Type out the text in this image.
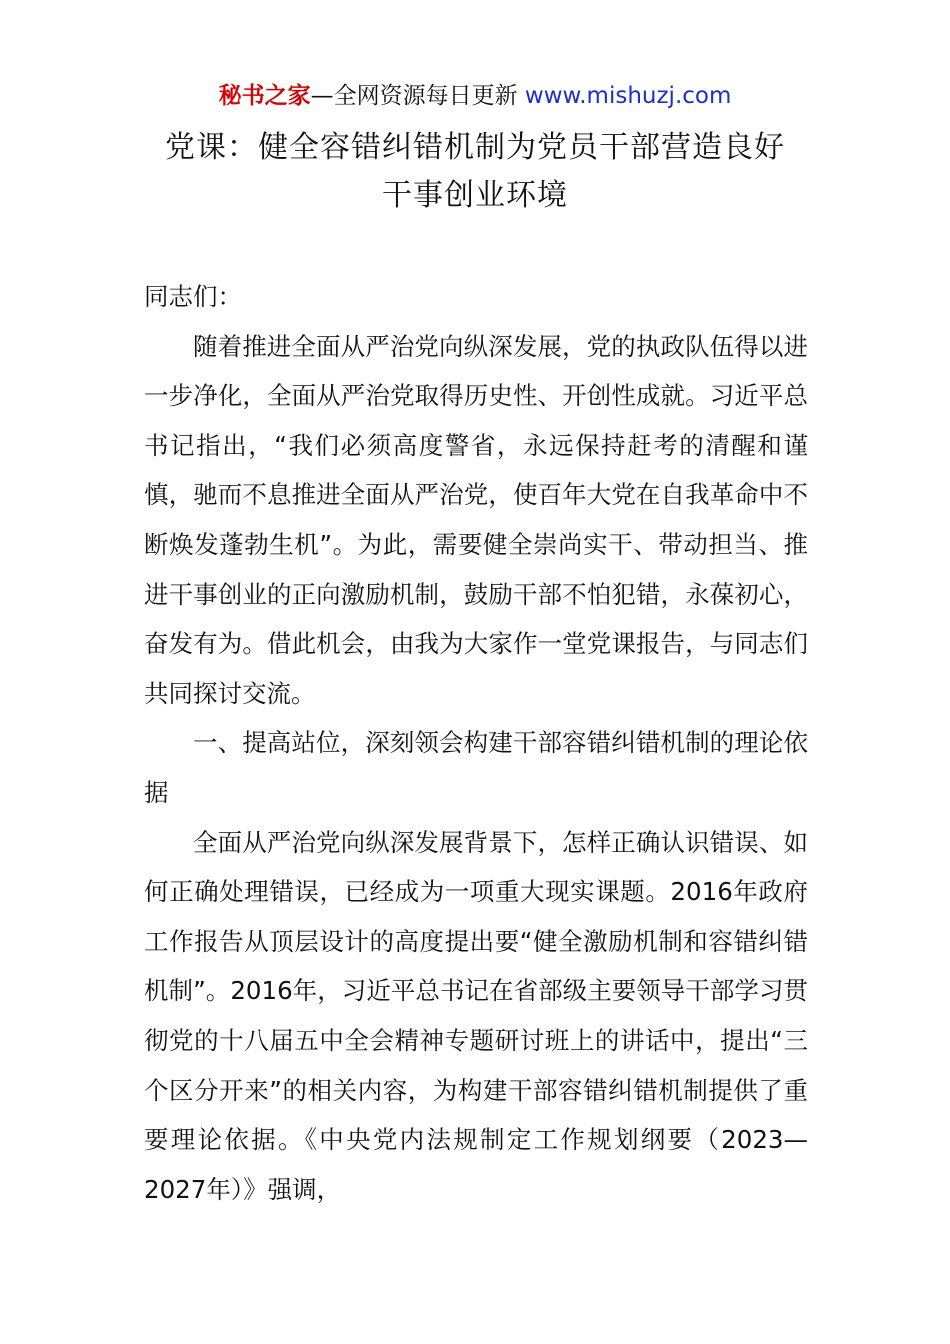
秘书之家—全网资源每日更新 www.mishuzj.com
党课：健全容错纠错机制为党员干部营造良好
干事创业环境

同志们：

随着推进全面从严治党向纵深发展，党的执政队伍得以进一步净化，全面从严治党取得历史性、开创性成就。习近平总书记指出，“我们必须高度警省，永远保持赶考的清醒和谨慎，驰而不息推进全面从严治党，使百年大党在自我革命中不断焕发蓬勃生机”。为此，需要健全崇尚实干、带动担当、推进干事创业的正向激励机制，鼓励干部不怕犯错，永葆初心，奋发有为。借此机会，由我为大家作一堂党课报告，与同志们共同探讨交流。

一、提高站位，深刻领会构建干部容错纠错机制的理论依据

全面从严治党向纵深发展背景下，怎样正确认识错误、如何正确处理错误，已经成为一项重大现实课题。2016年政府工作报告从顶层设计的高度提出要“健全激励机制和容错纠错机制”。2016年，习近平总书记在省部级主要领导干部学习贯彻党的十八届五中全会精神专题研讨班上的讲话中，提出“三个区分开来”的相关内容，为构建干部容错纠错机制提供了重要理论依据。《中央党内法规制定工作规划纲要（2023—2027年）》强调，
